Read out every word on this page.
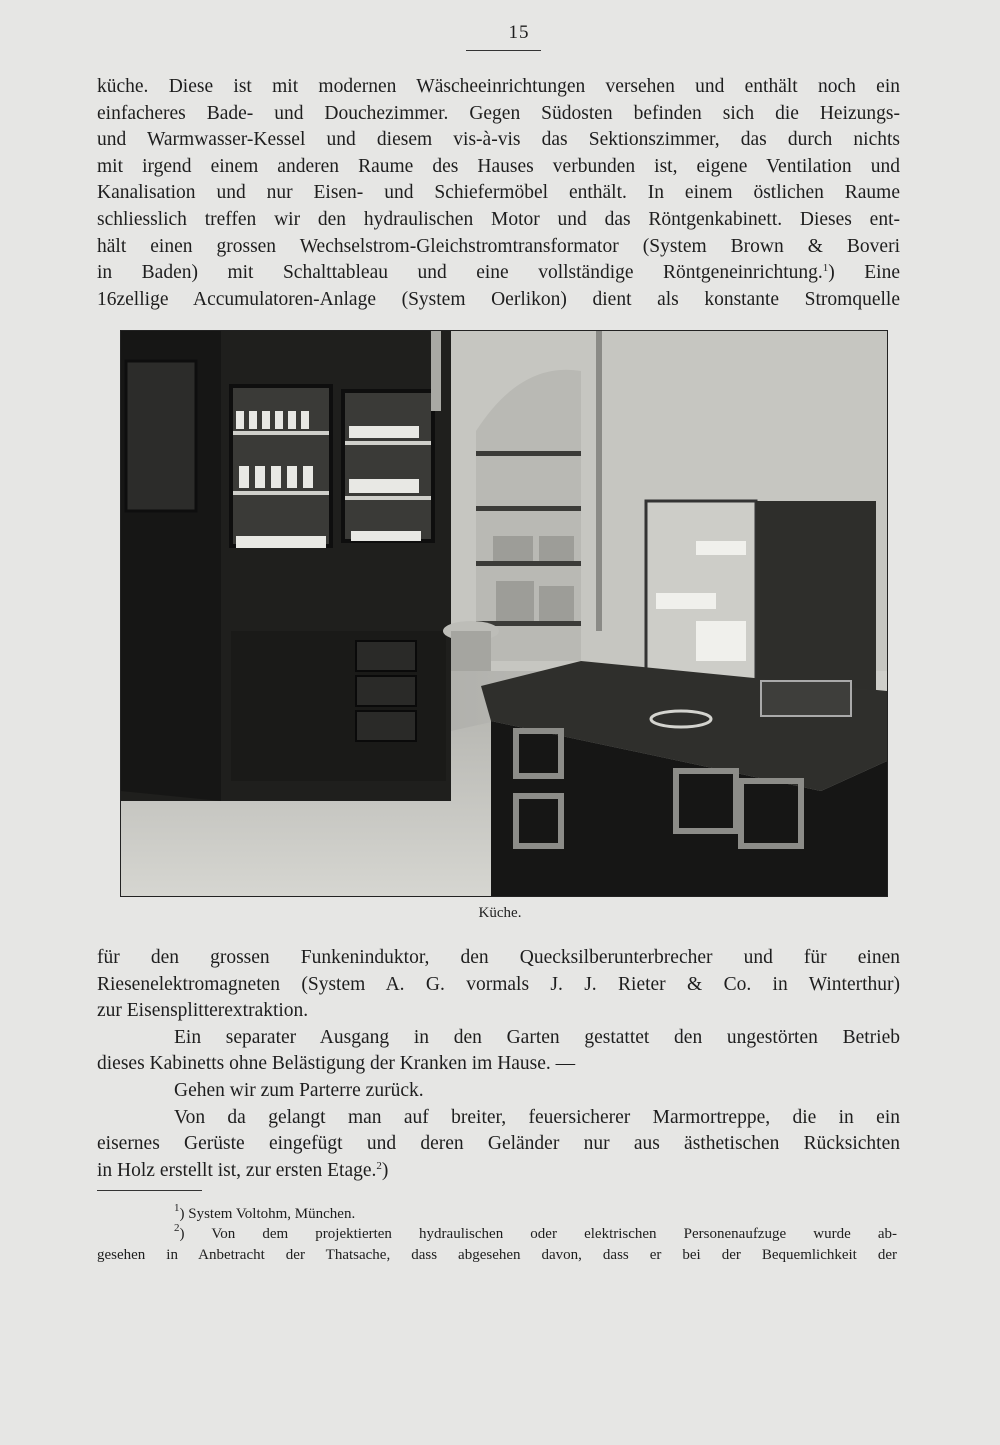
15
küche. Diese ist mit modernen Wäscheeinrichtungen versehen und enthält noch ein
einfacheres Bade- und Douchezimmer. Gegen Südosten befinden sich die Heizungs-
und Warmwasser-Kessel und diesem vis-à-vis das Sektionszimmer, das durch nichts
mit irgend einem anderen Raume des Hauses verbunden ist, eigene Ventilation und
Kanalisation und nur Eisen- und Schiefermöbel enthält. In einem östlichen Raume
schliesslich treffen wir den hydraulischen Motor und das Röntgenkabinett. Dieses ent-
hält einen grossen Wechselstrom-Gleichstromtransformator (System Brown & Boveri
in Baden) mit Schalttableau und eine vollständige Röntgeneinrichtung.$^1$) Eine
16zellige Accumulatoren-Anlage (System Oerlikon) dient als konstante Stromquelle
Küche.
für den grossen Funkeninduktor, den Quecksilberunterbrecher und für einen
Riesenelektromagneten (System A. G. vormals J. J. Rieter & Co. in Winterthur)
zur Eisensplitterextraktion.
Ein separater Ausgang in den Garten gestattet den ungestörten Betrieb
dieses Kabinetts ohne Belästigung der Kranken im Hause. —
Gehen wir zum Parterre zurück.
Von da gelangt man auf breiter, feuersicherer Marmortreppe, die in ein
eisernes Gerüste eingefügt und deren Geländer nur aus ästhetischen Rücksichten
in Holz erstellt ist, zur ersten Etage.$^2$)

$^1$) System Voltohm, München.

$^2$) Von dem projektierten hydraulischen oder elektrischen Personenaufzuge wurde ab-
gesehen in Anbetracht der Thatsache, dass abgesehen davon, dass er bei der Bequemlichkeit der
